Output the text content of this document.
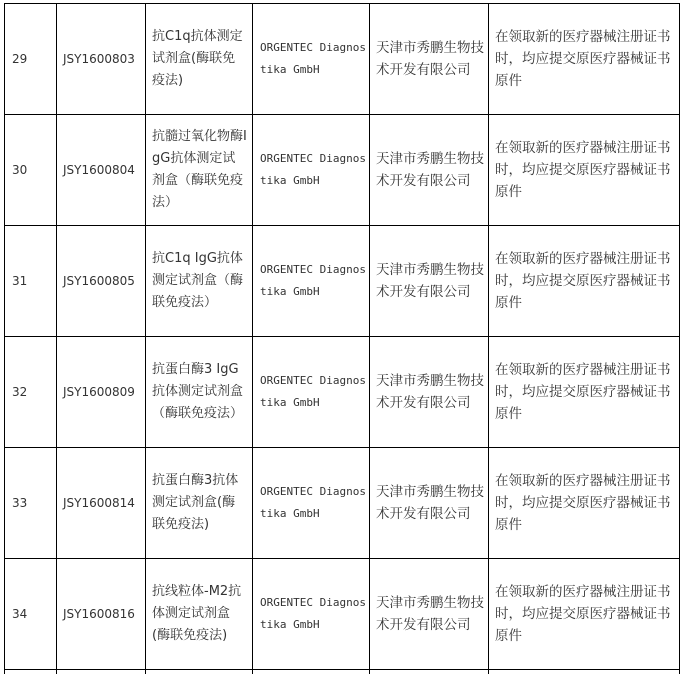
29	JSY1600803	抗C1q抗体测定试剂盒(酶联免疫法)	ORGENTEC Diagnostika GmbH	天津市秀鹏生物技术开发有限公司	在领取新的医疗器械注册证书时，均应提交原医疗器械证书原件
30	JSY1600804	抗髓过氧化物酶IgG抗体测定试剂盒（酶联免疫法）	ORGENTEC Diagnostika GmbH	天津市秀鹏生物技术开发有限公司	在领取新的医疗器械注册证书时，均应提交原医疗器械证书原件
31	JSY1600805	抗C1q IgG抗体测定试剂盒（酶联免疫法）	ORGENTEC Diagnostika GmbH	天津市秀鹏生物技术开发有限公司	在领取新的医疗器械注册证书时，均应提交原医疗器械证书原件
32	JSY1600809	抗蛋白酶3 IgG抗体测定试剂盒（酶联免疫法）	ORGENTEC Diagnostika GmbH	天津市秀鹏生物技术开发有限公司	在领取新的医疗器械注册证书时，均应提交原医疗器械证书原件
33	JSY1600814	抗蛋白酶3抗体测定试剂盒(酶联免疫法)	ORGENTEC Diagnostika GmbH	天津市秀鹏生物技术开发有限公司	在领取新的医疗器械注册证书时，均应提交原医疗器械证书原件
34	JSY1600816	抗线粒体-M2抗体测定试剂盒(酶联免疫法)	ORGENTEC Diagnostika GmbH	天津市秀鹏生物技术开发有限公司	在领取新的医疗器械注册证书时，均应提交原医疗器械证书原件
